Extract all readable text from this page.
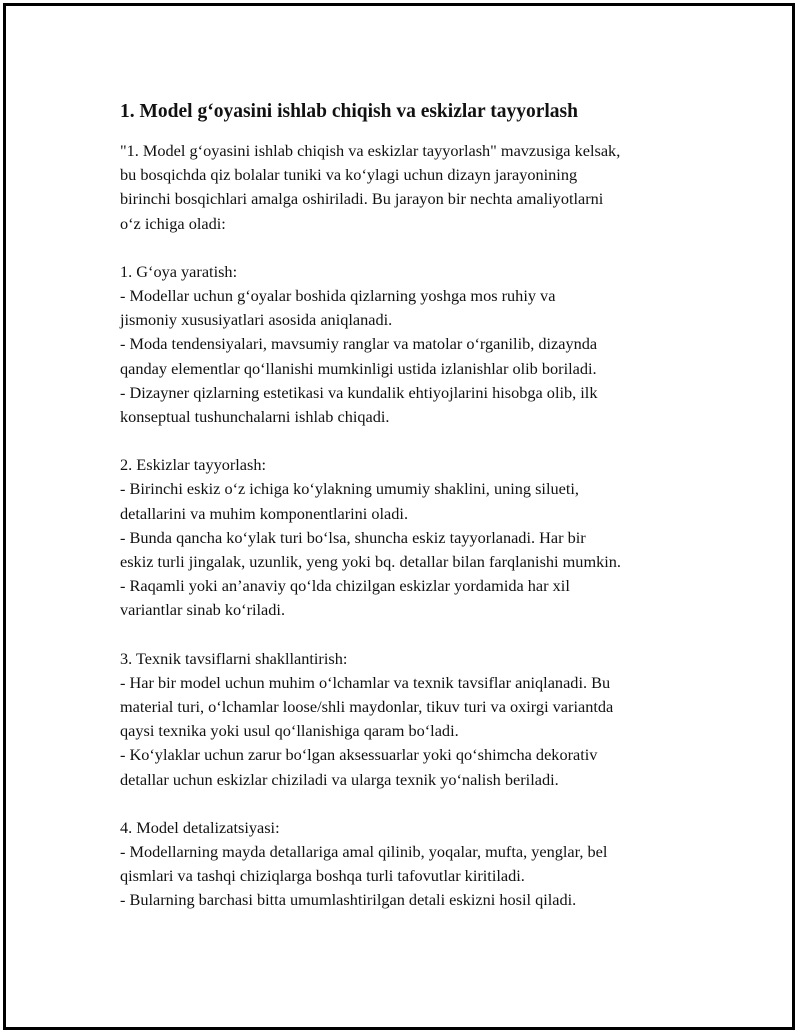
1. Model g‘oyasini ishlab chiqish va eskizlar tayyorlash

"1. Model g‘oyasini ishlab chiqish va eskizlar tayyorlash" mavzusiga kelsak,
bu bosqichda qiz bolalar tuniki va ko‘ylagi uchun dizayn jarayonining
birinchi bosqichlari amalga oshiriladi. Bu jarayon bir nechta amaliyotlarni
o‘z ichiga oladi:

1. G‘oya yaratish:
- Modellar uchun g‘oyalar boshida qizlarning yoshga mos ruhiy va
jismoniy xususiyatlari asosida aniqlanadi.
- Moda tendensiyalari, mavsumiy ranglar va matolar o‘rganilib, dizaynda
qanday elementlar qo‘llanishi mumkinligi ustida izlanishlar olib boriladi.
- Dizayner qizlarning estetikasi va kundalik ehtiyojlarini hisobga olib, ilk
konseptual tushunchalarni ishlab chiqadi.

2. Eskizlar tayyorlash:
- Birinchi eskiz o‘z ichiga ko‘ylakning umumiy shaklini, uning silueti,
detallarini va muhim komponentlarini oladi.
- Bunda qancha ko‘ylak turi bo‘lsa, shuncha eskiz tayyorlanadi. Har bir
eskiz turli jingalak, uzunlik, yeng yoki bq. detallar bilan farqlanishi mumkin.
- Raqamli yoki an’anaviy qo‘lda chizilgan eskizlar yordamida har xil
variantlar sinab ko‘riladi.

3. Texnik tavsiflarni shakllantirish:
- Har bir model uchun muhim o‘lchamlar va texnik tavsiflar aniqlanadi. Bu
material turi, o‘lchamlar loose/shli maydonlar, tikuv turi va oxirgi variantda
qaysi texnika yoki usul qo‘llanishiga qaram bo‘ladi.
- Ko‘ylaklar uchun zarur bo‘lgan aksessuarlar yoki qo‘shimcha dekorativ
detallar uchun eskizlar chiziladi va ularga texnik yo‘nalish beriladi.

4. Model detalizatsiyasi:
- Modellarning mayda detallariga amal qilinib, yoqalar, mufta, yenglar, bel
qismlari va tashqi chiziqlarga boshqa turli tafovutlar kiritiladi.
- Bularning barchasi bitta umumlashtirilgan detali eskizni hosil qiladi.
